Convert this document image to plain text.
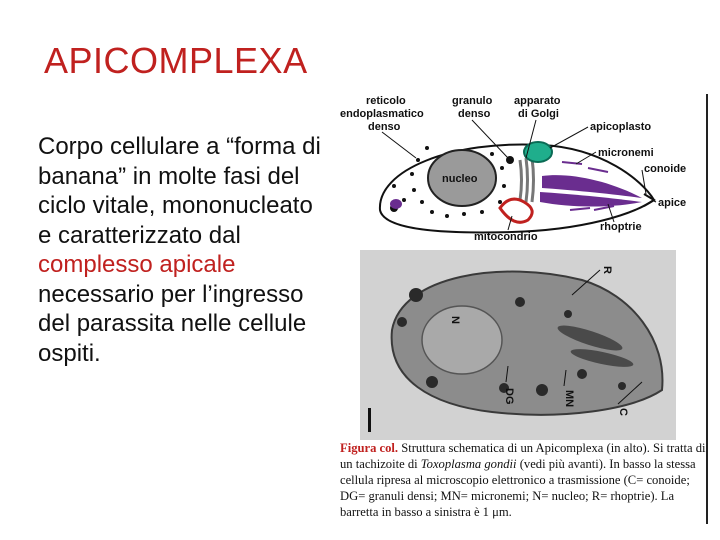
APICOMPLEXA
Corpo cellulare a “forma di banana” in molte fasi del ciclo vitale, mononucleato e caratterizzato dal complesso apicale necessario per l’ingresso del parassita nelle cellule ospiti.
nucleo
reticolo
endoplasmatico
denso
granulo
denso
apparato
di Golgi
apicoplasto
micronemi
conoide
apice
rhoptrie
mitocondrio
R
N
DG	MN
C
Figura col. Struttura schematica di un Apicomplexa (in alto). Si tratta di un tachizoite di Toxoplasma gondii (vedi più avanti). In basso la stessa cellula ripresa al microscopio elettronico a trasmissione (C= conoide; DG= granuli densi; MN= micronemi; N= nucleo; R= rhoptrie). La barretta in basso a sinistra è 1 μm.
